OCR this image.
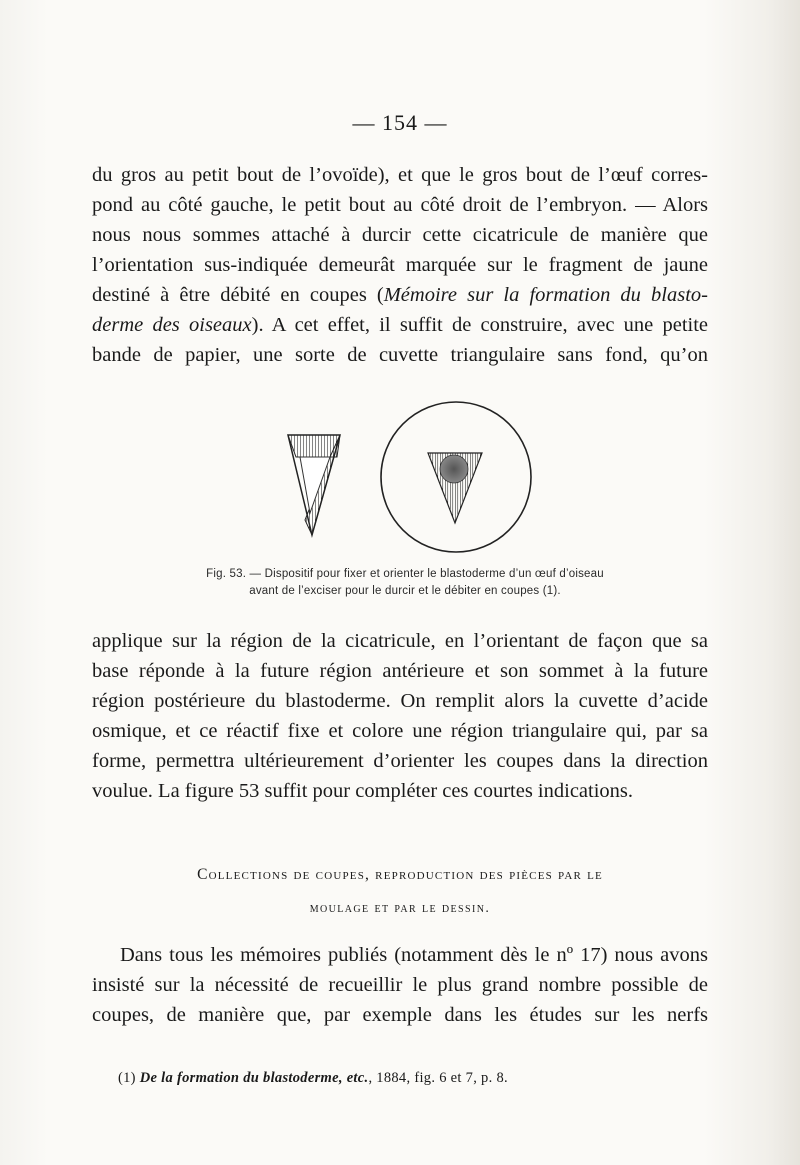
— 154 —
du gros au petit bout de l’ovoïde), et que le gros bout de l’œuf corres-
pond au côté gauche, le petit bout au côté droit de l’embryon. — Alors
nous nous sommes attaché à durcir cette cicatricule de manière que
l’orientation sus-indiquée demeurât marquée sur le fragment de jaune
destiné à être débité en coupes (Mémoire sur la formation du blasto-
derme des oiseaux). A cet effet, il suffit de construire, avec une petite
bande de papier, une sorte de cuvette triangulaire sans fond, qu’on
Fig. 53. — Dispositif pour fixer et orienter le blastoderme d’un œuf d’oiseau
avant de l’exciser pour le durcir et le débiter en coupes (1).
applique sur la région de la cicatricule, en l’orientant de façon que sa
base réponde à la future région antérieure et son sommet à la future
région postérieure du blastoderme. On remplit alors la cuvette d’acide
osmique, et ce réactif fixe et colore une région triangulaire qui, par sa
forme, permettra ultérieurement d’orienter les coupes dans la direction
voulue. La figure 53 suffit pour compléter ces courtes indications.
Collections de coupes, reproduction des pièces par le
moulage et par le dessin.
Dans tous les mémoires publiés (notamment dès le nº 17) nous avons
insisté sur la nécessité de recueillir le plus grand nombre possible de
coupes, de manière que, par exemple dans les études sur les nerfs
(1) De la formation du blastoderme, etc., 1884, fig. 6 et 7, p. 8.
